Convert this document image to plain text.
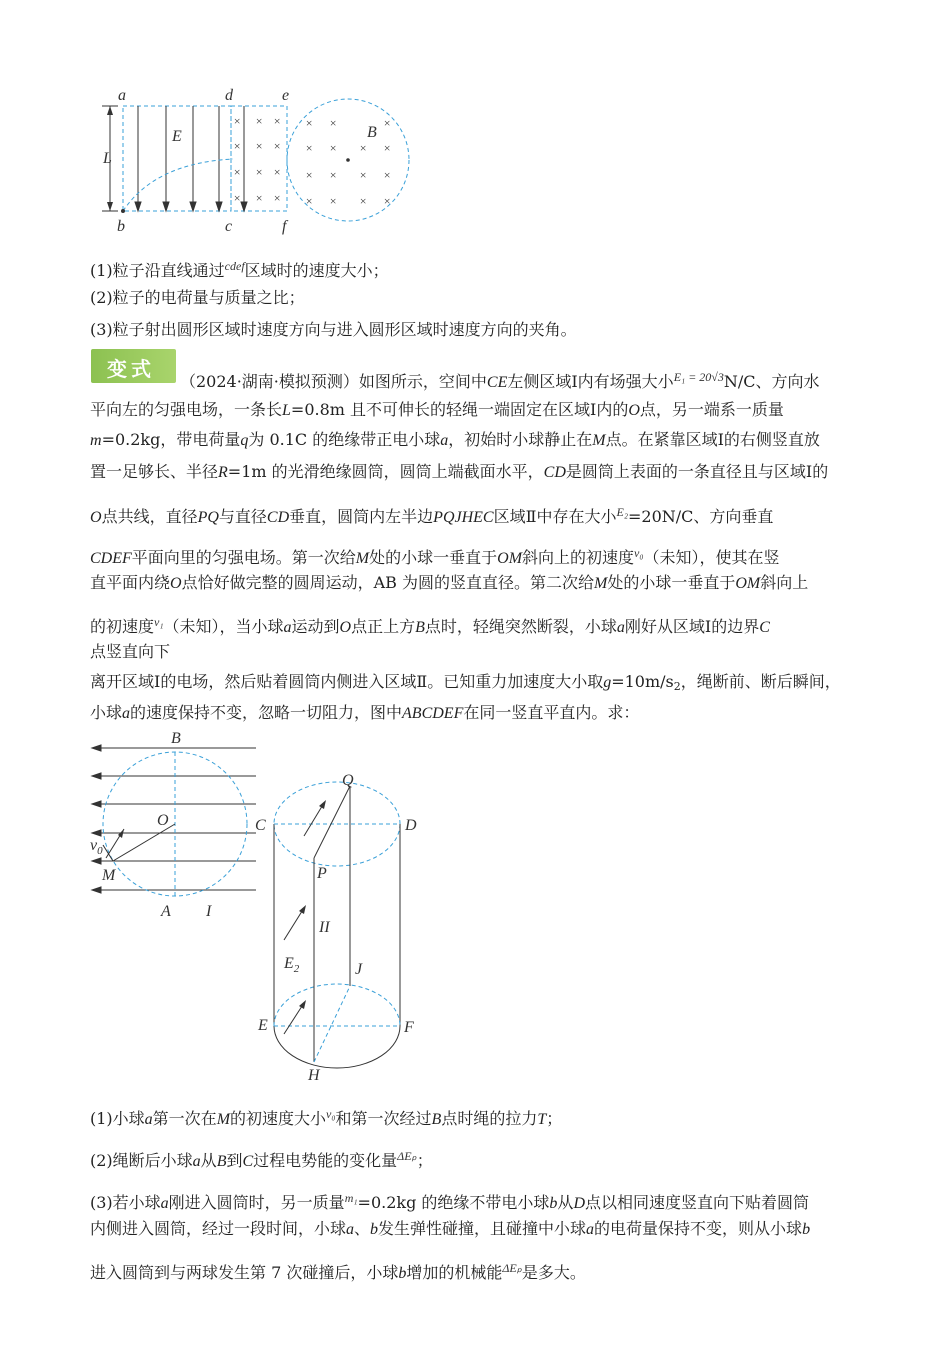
L
× × ×
× × ×
× × ×
× × ×
× ×	×
× × × ×
× × × ×
× × × ×
B
E
a	d	e
b	c	f
(1)粒子沿直线通过$^{cdef}$区域时的速度大小；
(2)粒子的电荷量与质量之比；
(3)粒子射出圆形区域时速度方向与进入圆形区域时速度方向的夹角。
变式
（2024·湖南·模拟预测）如图所示，空间中CE左侧区域Ⅰ内有场强大小$^{E_1 = 20√3}$N/C、方向水
平向左的匀强电场，一条长L=0.8m 且不可伸长的轻绳一端固定在区域Ⅰ内的O点，另一端系一质量
m=0.2kg，带电荷量q为 0.1C 的绝缘带正电小球a，初始时小球静止在M点。在紧靠区域Ⅰ的右侧竖直放
置一足够长、半径R=1m 的光滑绝缘圆筒，圆筒上端截面水平，CD是圆筒上表面的一条直径且与区域Ⅰ的
O点共线，直径PQ与直径CD垂直，圆筒内左半边PQJHEC区域Ⅱ中存在大小$^{E_2}$=20N/C、方向垂直
CDEF平面向里的匀强电场。第一次给M处的小球一垂直于OM斜向上的初速度$^{v_0}$（未知），使其在竖
直平面内绕O点恰好做完整的圆周运动，AB 为圆的竖直直径。第二次给M处的小球一垂直于OM斜向上
的初速度$^{v_1}$（未知），当小球a运动到O点正上方B点时，轻绳突然断裂，小球a刚好从区域Ⅰ的边界C
点竖直向下
离开区域Ⅰ的电场，然后贴着圆筒内侧进入区域Ⅱ。已知重力加速度大小取$g=10m/s_2$，绳断前、断后瞬间，
小球a的速度保持不变，忽略一切阻力，图中ABCDEF在同一竖直平直内。求：
B
O	C
Q
D
$v_0$
M	P
A I
II
$E_2$	J
E	F
H
(1)小球a第一次在M的初速度大小$^{v_0}$和第一次经过B点时绳的拉力T；
(2)绳断后小球a从B到C过程电势能的变化量$^{\Delta E_p}$；
(3)若小球a刚进入圆筒时，另一质量$^{m_1}$=0.2kg 的绝缘不带电小球b从D点以相同速度竖直向下贴着圆筒
内侧进入圆筒，经过一段时间，小球a、b发生弹性碰撞，且碰撞中小球a的电荷量保持不变，则从小球b
进入圆筒到与两球发生第 7 次碰撞后，小球b增加的机械能$^{\Delta E_p}$是多大。
